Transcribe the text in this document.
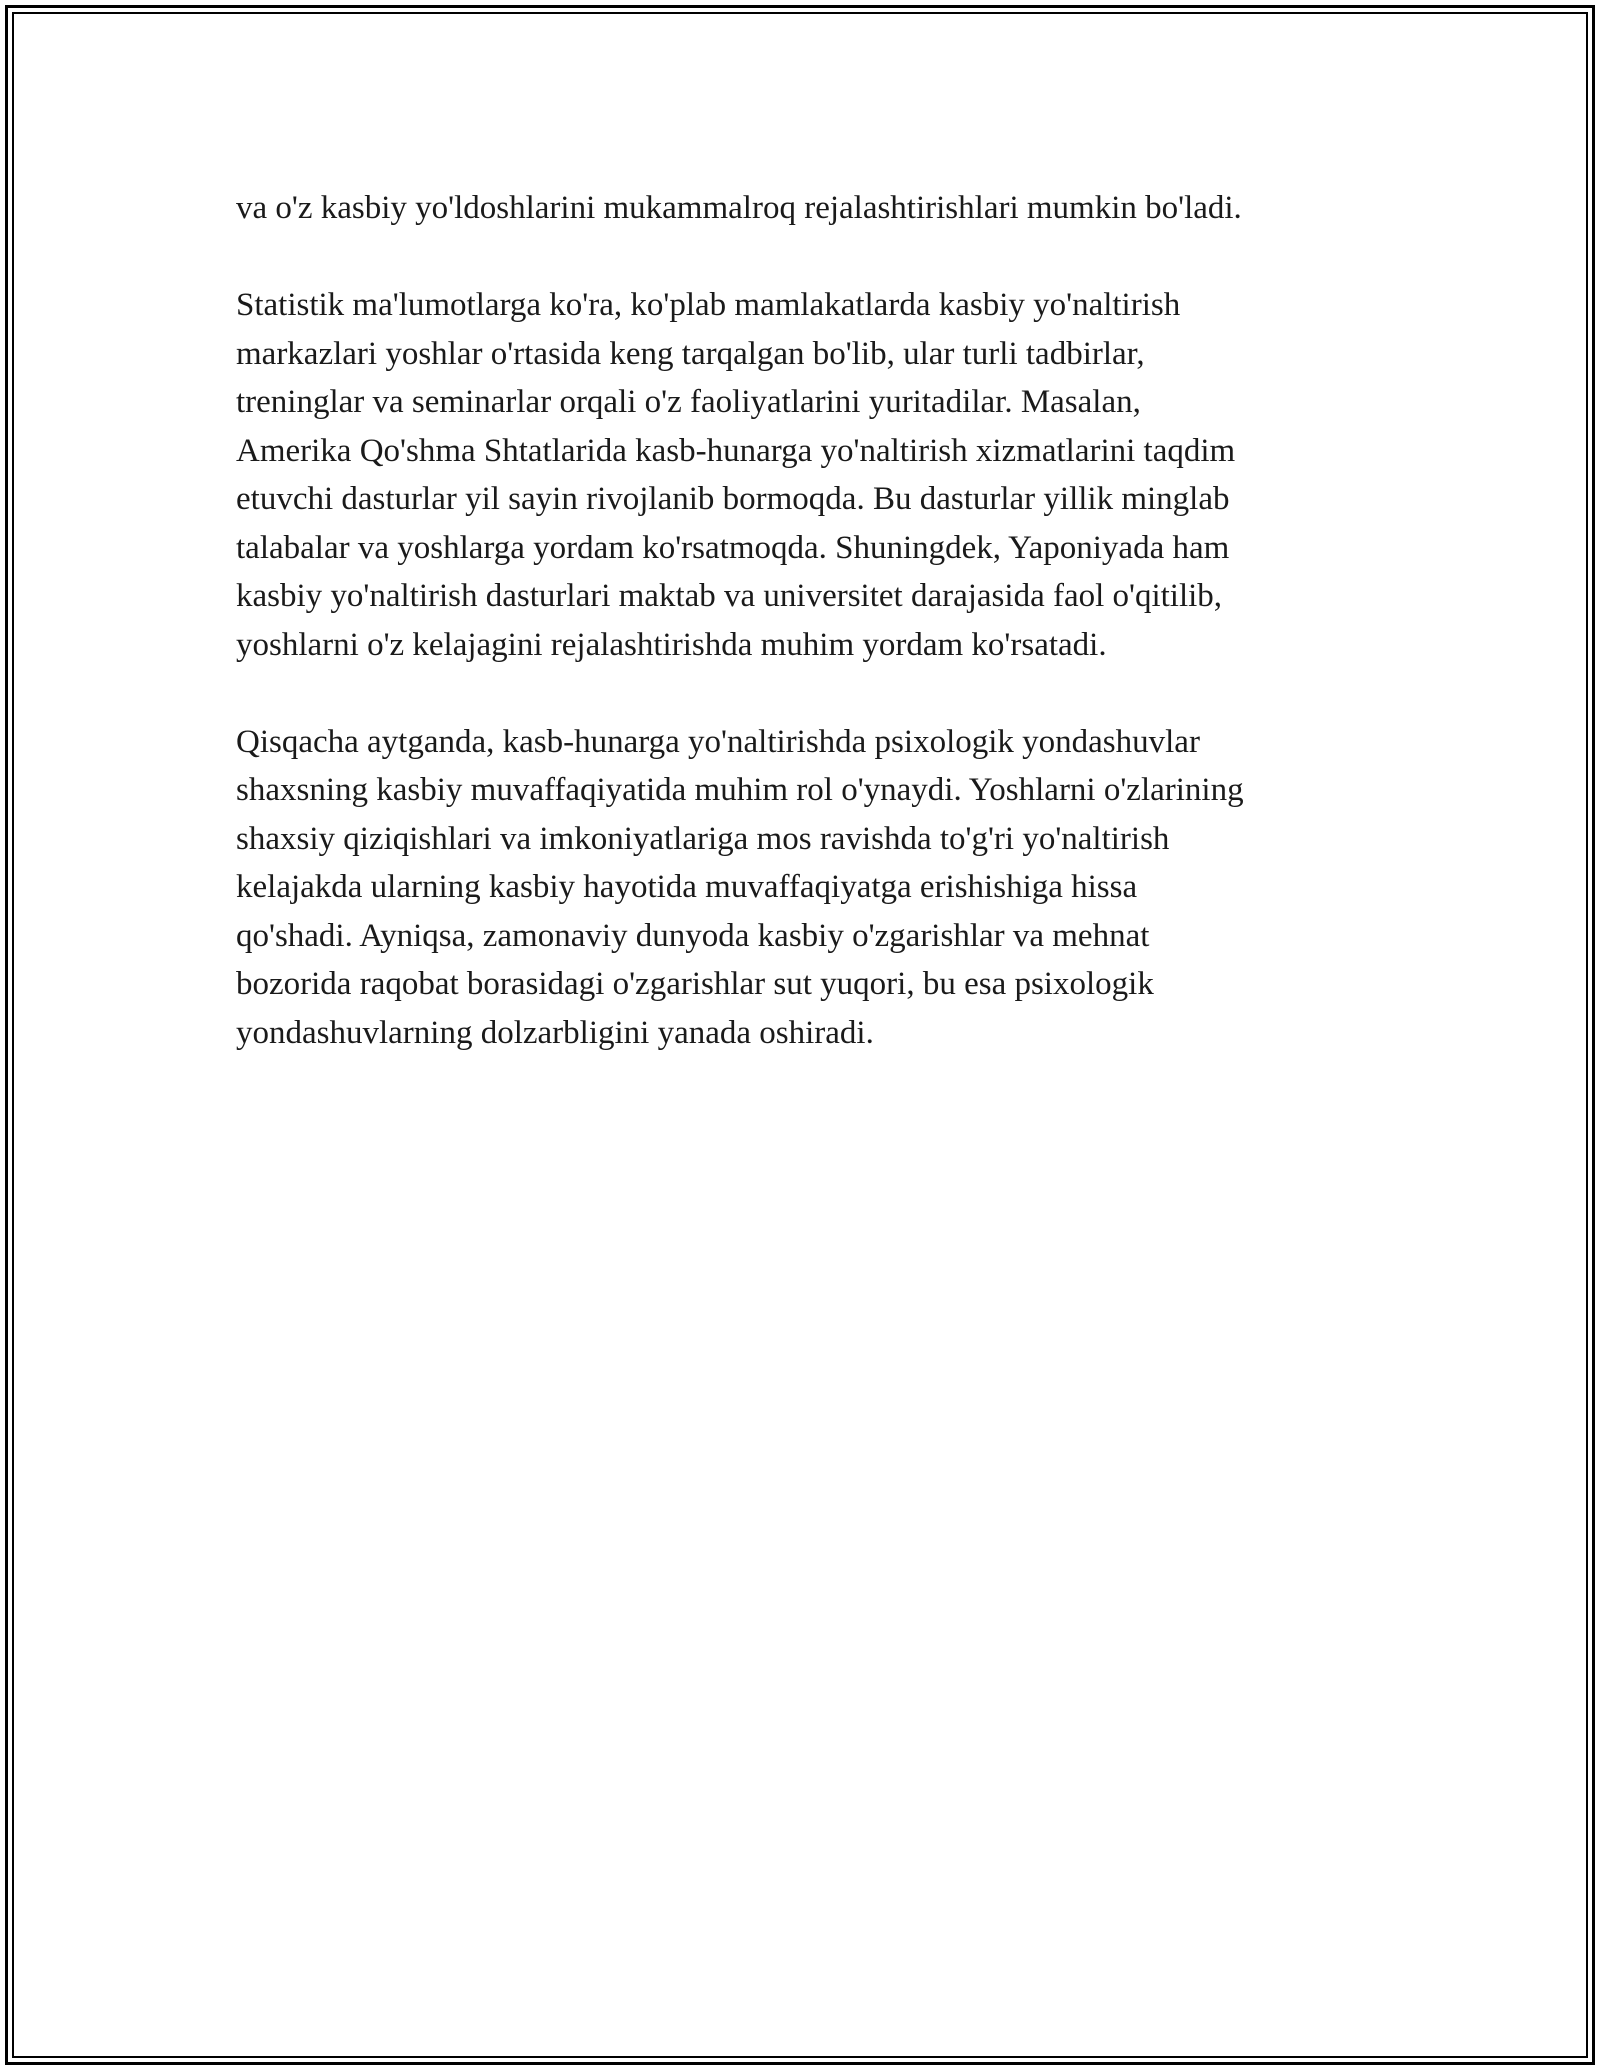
va o'z kasbiy yo'ldoshlarini mukammalroq rejalashtirishlari mumkin bo'ladi.

Statistik ma'lumotlarga ko'ra, ko'plab mamlakatlarda kasbiy yo'naltirish
markazlari yoshlar o'rtasida keng tarqalgan bo'lib, ular turli tadbirlar,
treninglar va seminarlar orqali o'z faoliyatlarini yuritadilar. Masalan,
Amerika Qo'shma Shtatlarida kasb-hunarga yo'naltirish xizmatlarini taqdim
etuvchi dasturlar yil sayin rivojlanib bormoqda. Bu dasturlar yillik minglab
talabalar va yoshlarga yordam ko'rsatmoqda. Shuningdek, Yaponiyada ham
kasbiy yo'naltirish dasturlari maktab va universitet darajasida faol o'qitilib,
yoshlarni o'z kelajagini rejalashtirishda muhim yordam ko'rsatadi.

Qisqacha aytganda, kasb-hunarga yo'naltirishda psixologik yondashuvlar
shaxsning kasbiy muvaffaqiyatida muhim rol o'ynaydi. Yoshlarni o'zlarining
shaxsiy qiziqishlari va imkoniyatlariga mos ravishda to'g'ri yo'naltirish
kelajakda ularning kasbiy hayotida muvaffaqiyatga erishishiga hissa
qo'shadi. Ayniqsa, zamonaviy dunyoda kasbiy o'zgarishlar va mehnat
bozorida raqobat borasidagi o'zgarishlar sut yuqori, bu esa psixologik
yondashuvlarning dolzarbligini yanada oshiradi.
